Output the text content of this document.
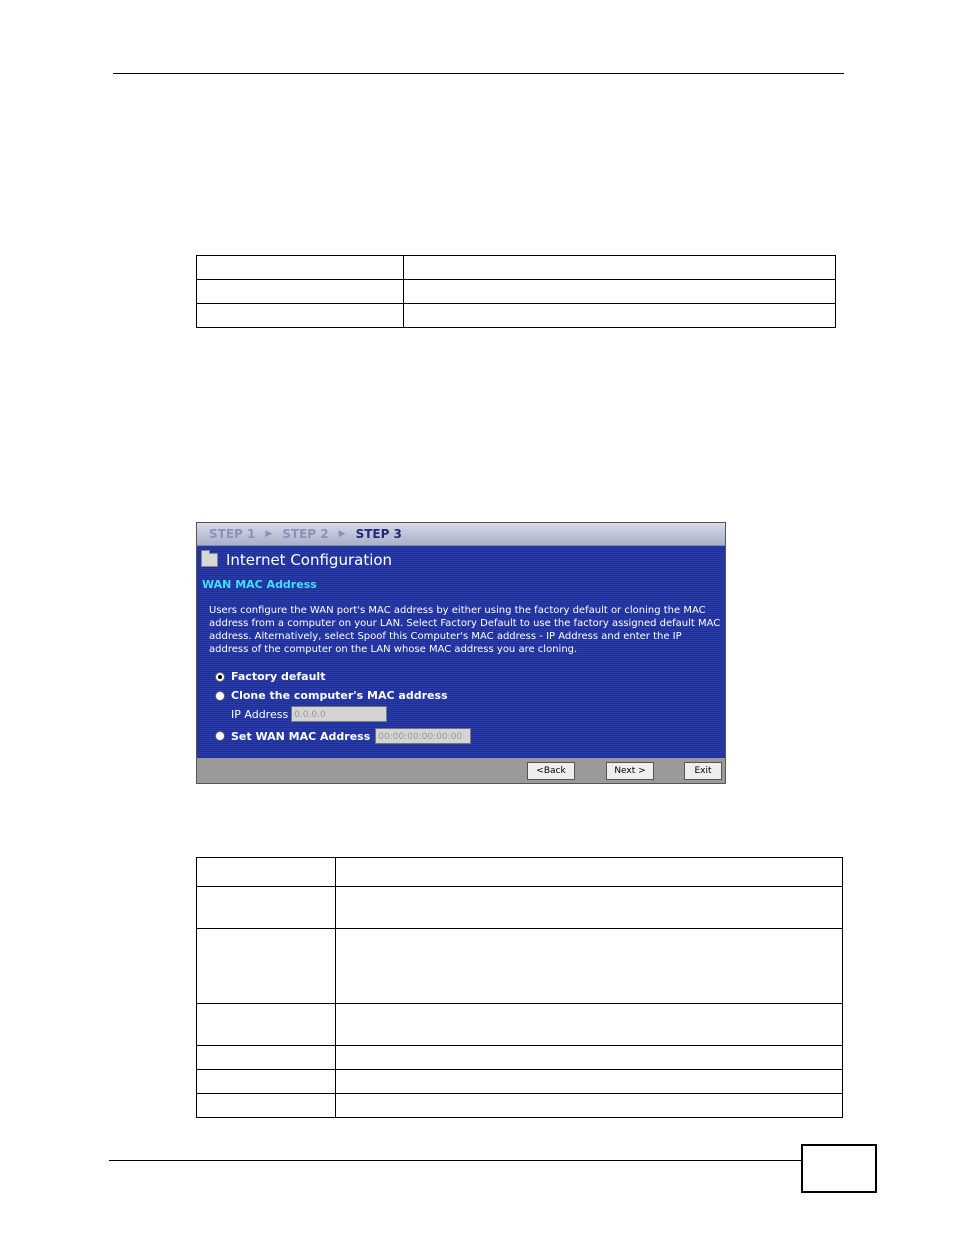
STEP 1 ▶ STEP 2 ▶ STEP 3
Internet Configuration
WAN MAC Address
Users configure the WAN port's MAC address by either using the factory default or cloning the MAC address from a computer on your LAN. Select Factory Default to use the factory assigned default MAC address. Alternatively, select Spoof this Computer's MAC address - IP Address and enter the IP address of the computer on the LAN whose MAC address you are cloning.
Factory default
Clone the computer's MAC address
IP Address 0.0.0.0
Set WAN MAC Address 00:00:00:00:00:00
<Back	Next >	Exit
